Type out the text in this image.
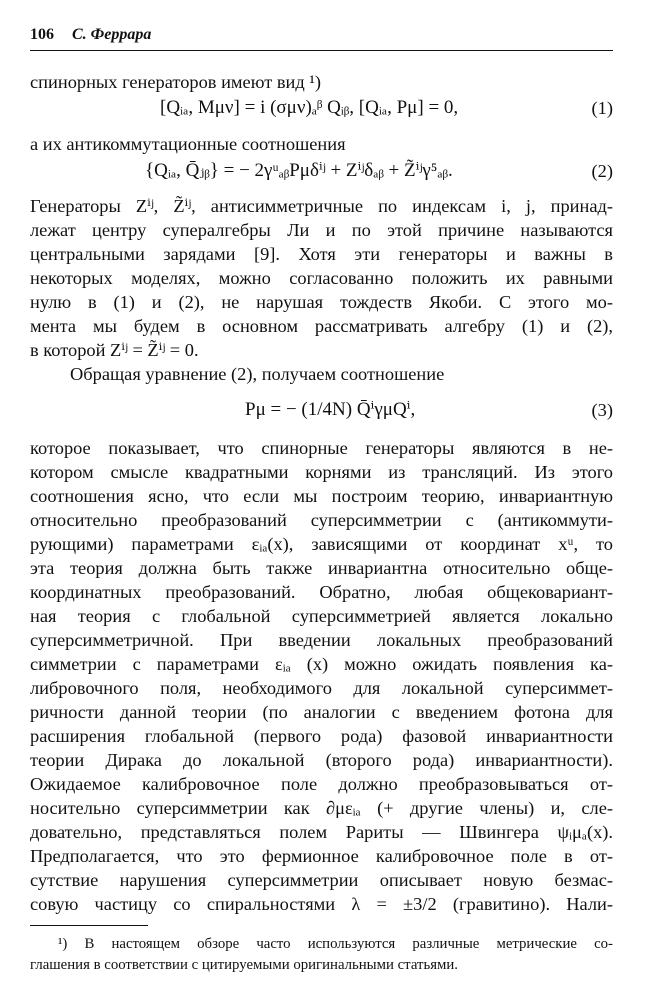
106 С. Феррара
спинорных генераторов имеют вид ¹)
[Qᵢₐ, Mμν] = i (σμν)ₐᵝ Qᵢᵦ, [Qᵢₐ, Pμ] = 0,	(1)
а их антикоммутационные соотношения
{Qᵢₐ, Q̄ⱼᵦ} = − 2γᵘₐᵦPμδⁱʲ + Zⁱʲδₐᵦ + Z̃ⁱʲγ⁵ₐᵦ.	(2)
Генераторы Zⁱʲ, Z̃ⁱʲ, антисимметричные по индексам i, j, принад-
лежат центру супералгебры Ли и по этой причине называются
центральными зарядами [9]. Хотя эти генераторы и важны в
некоторых моделях, можно согласованно положить их равными
нулю в (1) и (2), не нарушая тождеств Якоби. С этого мо-
мента мы будем в основном рассматривать алгебру (1) и (2),
в которой Zⁱʲ = Z̃ⁱʲ = 0.
Обращая уравнение (2), получаем соотношение
Pμ = − (1/4N) Q̄ⁱγμQⁱ,	(3)
которое показывает, что спинорные генераторы являются в не-
котором смысле квадратными корнями из трансляций. Из этого
соотношения ясно, что если мы построим теорию, инвариантную
относительно преобразований суперсимметрии с (антикоммути-
рующими) параметрами εᵢₐ(x), зависящими от координат xᵘ, то
эта теория должна быть также инвариантна относительно обще-
координатных преобразований. Обратно, любая общековариант-
ная теория с глобальной суперсимметрией является локально
суперсимметричной. При введении локальных преобразований
симметрии с параметрами εᵢₐ (x) можно ожидать появления ка-
либровочного поля, необходимого для локальной суперсиммет-
ричности данной теории (по аналогии с введением фотона для
расширения глобальной (первого рода) фазовой инвариантности
теории Дирака до локальной (второго рода) инвариантности).
Ожидаемое калибровочное поле должно преобразовываться от-
носительно суперсимметрии как ∂μεᵢₐ (+ другие члены) и, сле-
довательно, представляться полем Рариты — Швингера ψᵢμₐ(x).
Предполагается, что это фермионное калибровочное поле в от-
сутствие нарушения суперсимметрии описывает новую безмас-
совую частицу со спиральностями λ = ±3/2 (гравитино). Нали-
¹) В настоящем обзоре часто используются различные метрические со-
глашения в соответствии с цитируемыми оригинальными статьями.
